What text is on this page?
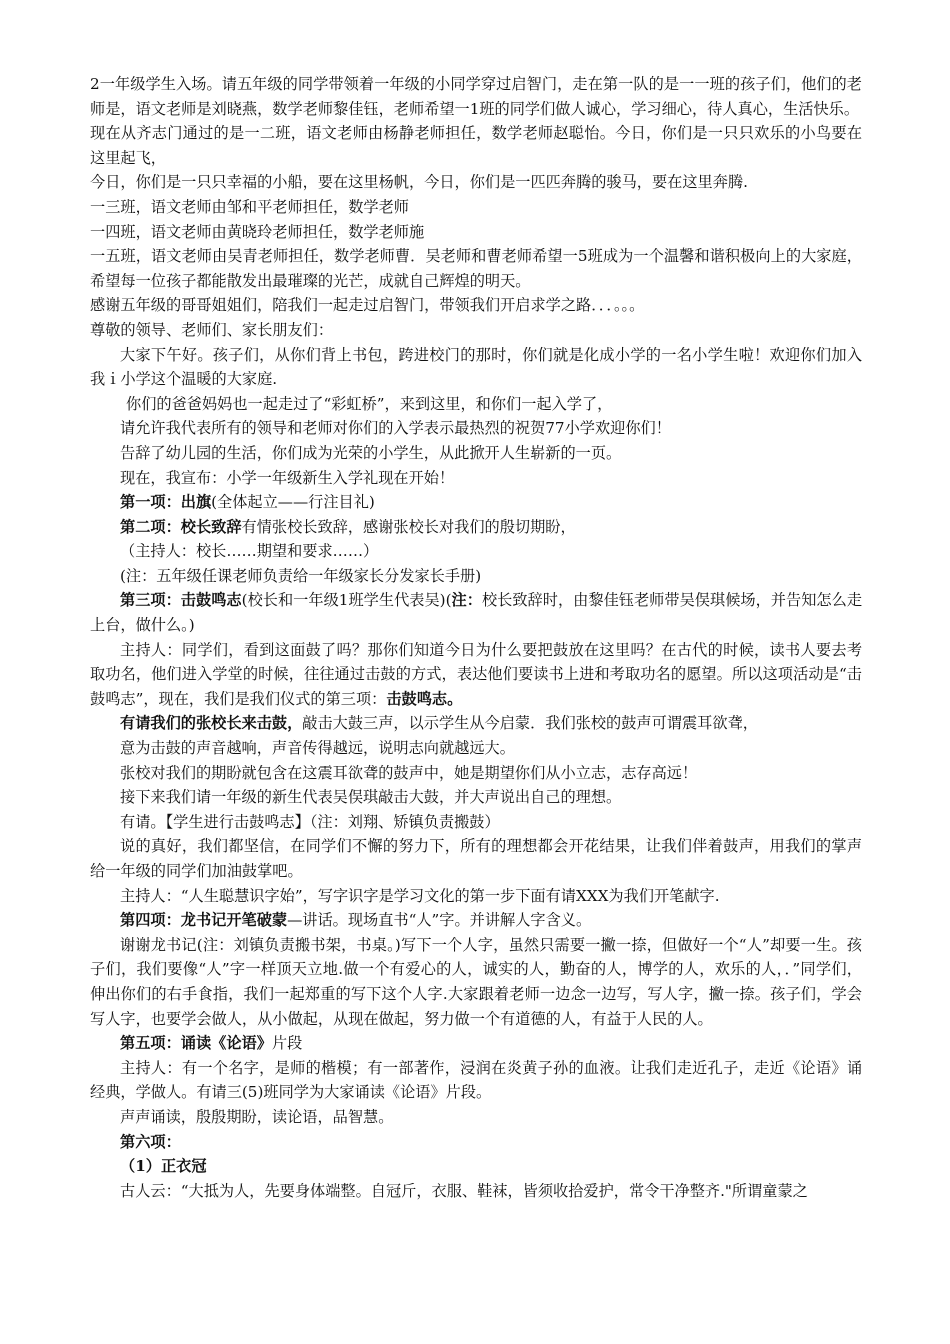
2一年级学生入场。请五年级的同学带领着一年级的小同学穿过启智门，走在第一队的是一一班的孩子们，他们的老师是，语文老师是刘晓燕，数学老师黎佳钰，老师希望一1班的同学们做人诚心，学习细心，待人真心，生活快乐。

现在从齐志门通过的是一二班，语文老师由杨静老师担任，数学老师赵聪怡。今日，你们是一只只欢乐的小鸟要在这里起飞，

今日，你们是一只只幸福的小船，要在这里杨帆，今日，你们是一匹匹奔腾的骏马，要在这里奔腾.

一三班，语文老师由邹和平老师担任，数学老师

一四班，语文老师由黄晓玲老师担任，数学老师施

一五班，语文老师由吴青老师担任，数学老师曹．吴老师和曹老师希望一5班成为一个温馨和谐积极向上的大家庭，希望每一位孩子都能散发出最璀璨的光芒，成就自己辉煌的明天。

感谢五年级的哥哥姐姐们，陪我们一起走过启智门，带领我们开启求学之路．．．。。。

尊敬的领导、老师们、家长朋友们：

大家下午好。孩子们，从你们背上书包，跨进校门的那时，你们就是化成小学的一名小学生啦！欢迎你们加入我ｉ小学这个温暖的大家庭.

你们的爸爸妈妈也一起走过了“彩虹桥”，来到这里，和你们一起入学了，

请允许我代表所有的领导和老师对你们的入学表示最热烈的祝贺77小学欢迎你们！

告辞了幼儿园的生活，你们成为光荣的小学生，从此掀开人生崭新的一页。

现在，我宣布：小学一年级新生入学礼现在开始！

第一项：出旗(全体起立——行注目礼)

第二项：校长致辞有情张校长致辞，感谢张校长对我们的殷切期盼，

（主持人：校长……期望和要求……）

(注：五年级任课老师负责给一年级家长分发家长手册)

第三项：击鼓鸣志(校长和一年级1班学生代表吴)(注：校长致辞时，由黎佳钰老师带吴俣琪候场，并告知怎么走上台，做什么。)

主持人：同学们，看到这面鼓了吗？那你们知道今日为什么要把鼓放在这里吗？在古代的时候，读书人要去考取功名，他们进入学堂的时候，往往通过击鼓的方式，表达他们要读书上进和考取功名的愿望。所以这项活动是“击鼓鸣志”，现在，我们是我们仪式的第三项：击鼓鸣志。

有请我们的张校长来击鼓，敲击大鼓三声，以示学生从今启蒙．我们张校的鼓声可谓震耳欲聋，

意为击鼓的声音越响，声音传得越远，说明志向就越远大。

张校对我们的期盼就包含在这震耳欲聋的鼓声中，她是期望你们从小立志，志存高远！

接下来我们请一年级的新生代表吴俣琪敲击大鼓，并大声说出自己的理想。

有请。【学生进行击鼓鸣志】（注：刘翔、矫镇负责搬鼓）

说的真好，我们都坚信，在同学们不懈的努力下，所有的理想都会开花结果，让我们伴着鼓声，用我们的掌声给一年级的同学们加油鼓掌吧。

主持人：“人生聪慧识字始”，写字识字是学习文化的第一步下面有请XXX为我们开笔献字.

第四项：龙书记开笔破蒙—讲话。现场直书“人”字。并讲解人字含义。

谢谢龙书记(注：刘镇负责搬书架，书桌。)写下一个人字，虽然只需要一撇一捺，但做好一个“人”却要一生。孩子们，我们要像“人”字一样顶天立地.做一个有爱心的人，诚实的人，勤奋的人，博学的人，欢乐的人，．”同学们，伸出你们的右手食指，我们一起郑重的写下这个人字.大家跟着老师一边念一边写，写人字，撇一捺。孩子们，学会写人字，也要学会做人，从小做起，从现在做起，努力做一个有道德的人，有益于人民的人。

第五项：诵读《论语》片段

主持人：有一个名字，是师的楷模；有一部著作，浸润在炎黄子孙的血液。让我们走近孔子，走近《论语》诵经典，学做人。有请三(5)班同学为大家诵读《论语》片段。

声声诵读，殷殷期盼，读论语，品智慧。

第六项：

（1）正衣冠

古人云：“大抵为人，先要身体端整。自冠斤，衣服、鞋袜，皆须收拾爱护，常令干净整齐."所谓童蒙之
